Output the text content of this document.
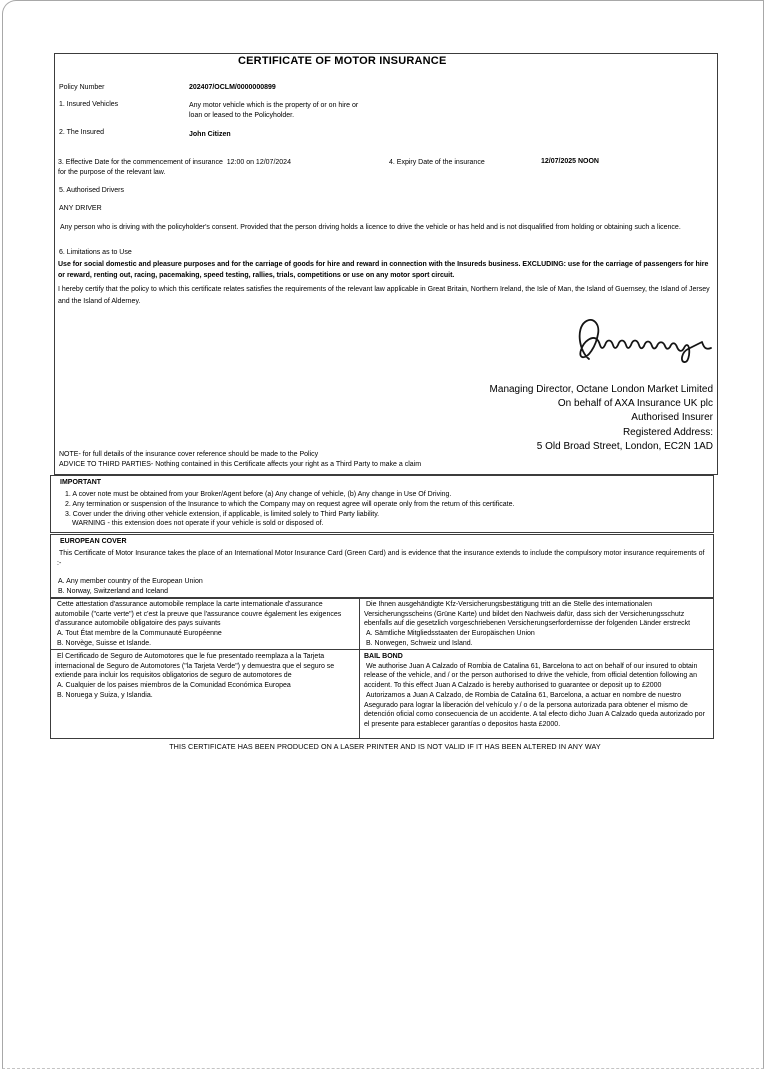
CERTIFICATE OF MOTOR INSURANCE
Policy Number	202407/OCLM/0000000899
1. Insured Vehicles	Any motor vehicle which is the property of or on hire or
loan or leased to the Policyholder.
2. The Insured	John Citizen
3. Effective Date for the commencement of insurance  12:00 on 12/07/2024
for the purpose of the relevant law.
4. Expiry Date of the insurance	12/07/2025 NOON
5. Authorised Drivers
ANY DRIVER
Any person who is driving with the policyholder's consent. Provided that the person driving holds a licence to drive the vehicle or has held and is not disqualified from holding or obtaining such a licence.
6. Limitations as to Use
Use for social domestic and pleasure purposes and for the carriage of goods for hire and reward in connection with the Insureds business. EXCLUDING: use for the carriage of passengers for hire or reward, renting out, racing, pacemaking, speed testing, rallies, trials, competitions or use on any motor sport circuit.
I hereby certify that the policy to which this certificate relates satisfies the requirements of the relevant law applicable in Great Britain, Northern Ireland, the Isle of Man, the Island of Guernsey, the Island of Jersey and the Island of Alderney.
Managing Director, Octane London Market Limited
On behalf of AXA Insurance UK plc
Authorised Insurer
Registered Address:
5 Old Broad Street, London, EC2N 1AD
NOTE- for full details of the insurance cover reference should be made to the Policy
ADVICE TO THIRD PARTIES- Nothing contained in this Certificate affects your right as a Third Party to make a claim
IMPORTANT
1. A cover note must be obtained from your Broker/Agent before (a) Any change of vehicle, (b) Any change in Use Of Driving.
2. Any termination or suspension of the Insurance to which the Company may on request agree will operate only from the return of this certificate.
3. Cover under the driving other vehicle extension, if applicable, is limited solely to Third Party liability.
WARNING - this extension does not operate if your vehicle is sold or disposed of.
EUROPEAN COVER
This Certificate of Motor Insurance takes the place of an International Motor Insurance Card (Green Card) and is evidence that the insurance extends to include the compulsory motor insurance requirements of :-
A. Any member country of the European Union
B. Norway, Switzerland and Iceland
Cette attestation d'assurance automobile remplace la carte internationale d'assurance automobile ("carte verte") et c'est la preuve que l'assurance couvre également les exigences d'assurance automobile obligatoire des pays suivants
A. Tout État membre de la Communauté Européenne
B. Norvège, Suisse et Islande.
Die Ihnen ausgehändigte Kfz-Versicherungsbestätigung tritt an die Stelle des internationalen Versicherungsscheins (Grüne Karte) und bildet den Nachweis dafür, dass sich der Versicherungsschutz ebenfalls auf die gesetzlich vorgeschriebenen Versicherungserfordernisse der folgenden Länder erstreckt
A. Sämtliche Mitgliedsstaaten der Europäischen Union
B. Norwegen, Schweiz und Island.
El Certificado de Seguro de Automotores que le fue presentado reemplaza a la Tarjeta internacional de Seguro de Automotores ("la Tarjeta Verde") y demuestra que el seguro se extiende para incluir los requisitos obligatorios de seguro de automotores de
A. Cualquier de los paises miembros de la Comunidad Económica Europea
B. Noruega y Suiza, y Islandia.
BAIL BOND
We authorise Juan A Calzado of Rombia de Catalina 61, Barcelona to act on behalf of our insured to obtain release of the vehicle, and / or the person authorised to drive the vehicle, from official detention following an accident. To this effect Juan A Calzado is hereby authorised to guarantee or deposit up to £2000
Autorizamos a Juan A Calzado, de Rombia de Catalina 61, Barcelona, a actuar en nombre de nuestro Asegurado para lograr la liberación del vehículo y / o de la persona autorizada para obtener el mismo de detención oficial como consecuencia de un accidente. A tal efecto dicho Juan A Calzado queda autorizado por el presente para establecer garantías o depositos hasta £2000.
THIS CERTIFICATE HAS BEEN PRODUCED ON A LASER PRINTER AND IS NOT VALID IF IT HAS BEEN ALTERED IN ANY WAY
